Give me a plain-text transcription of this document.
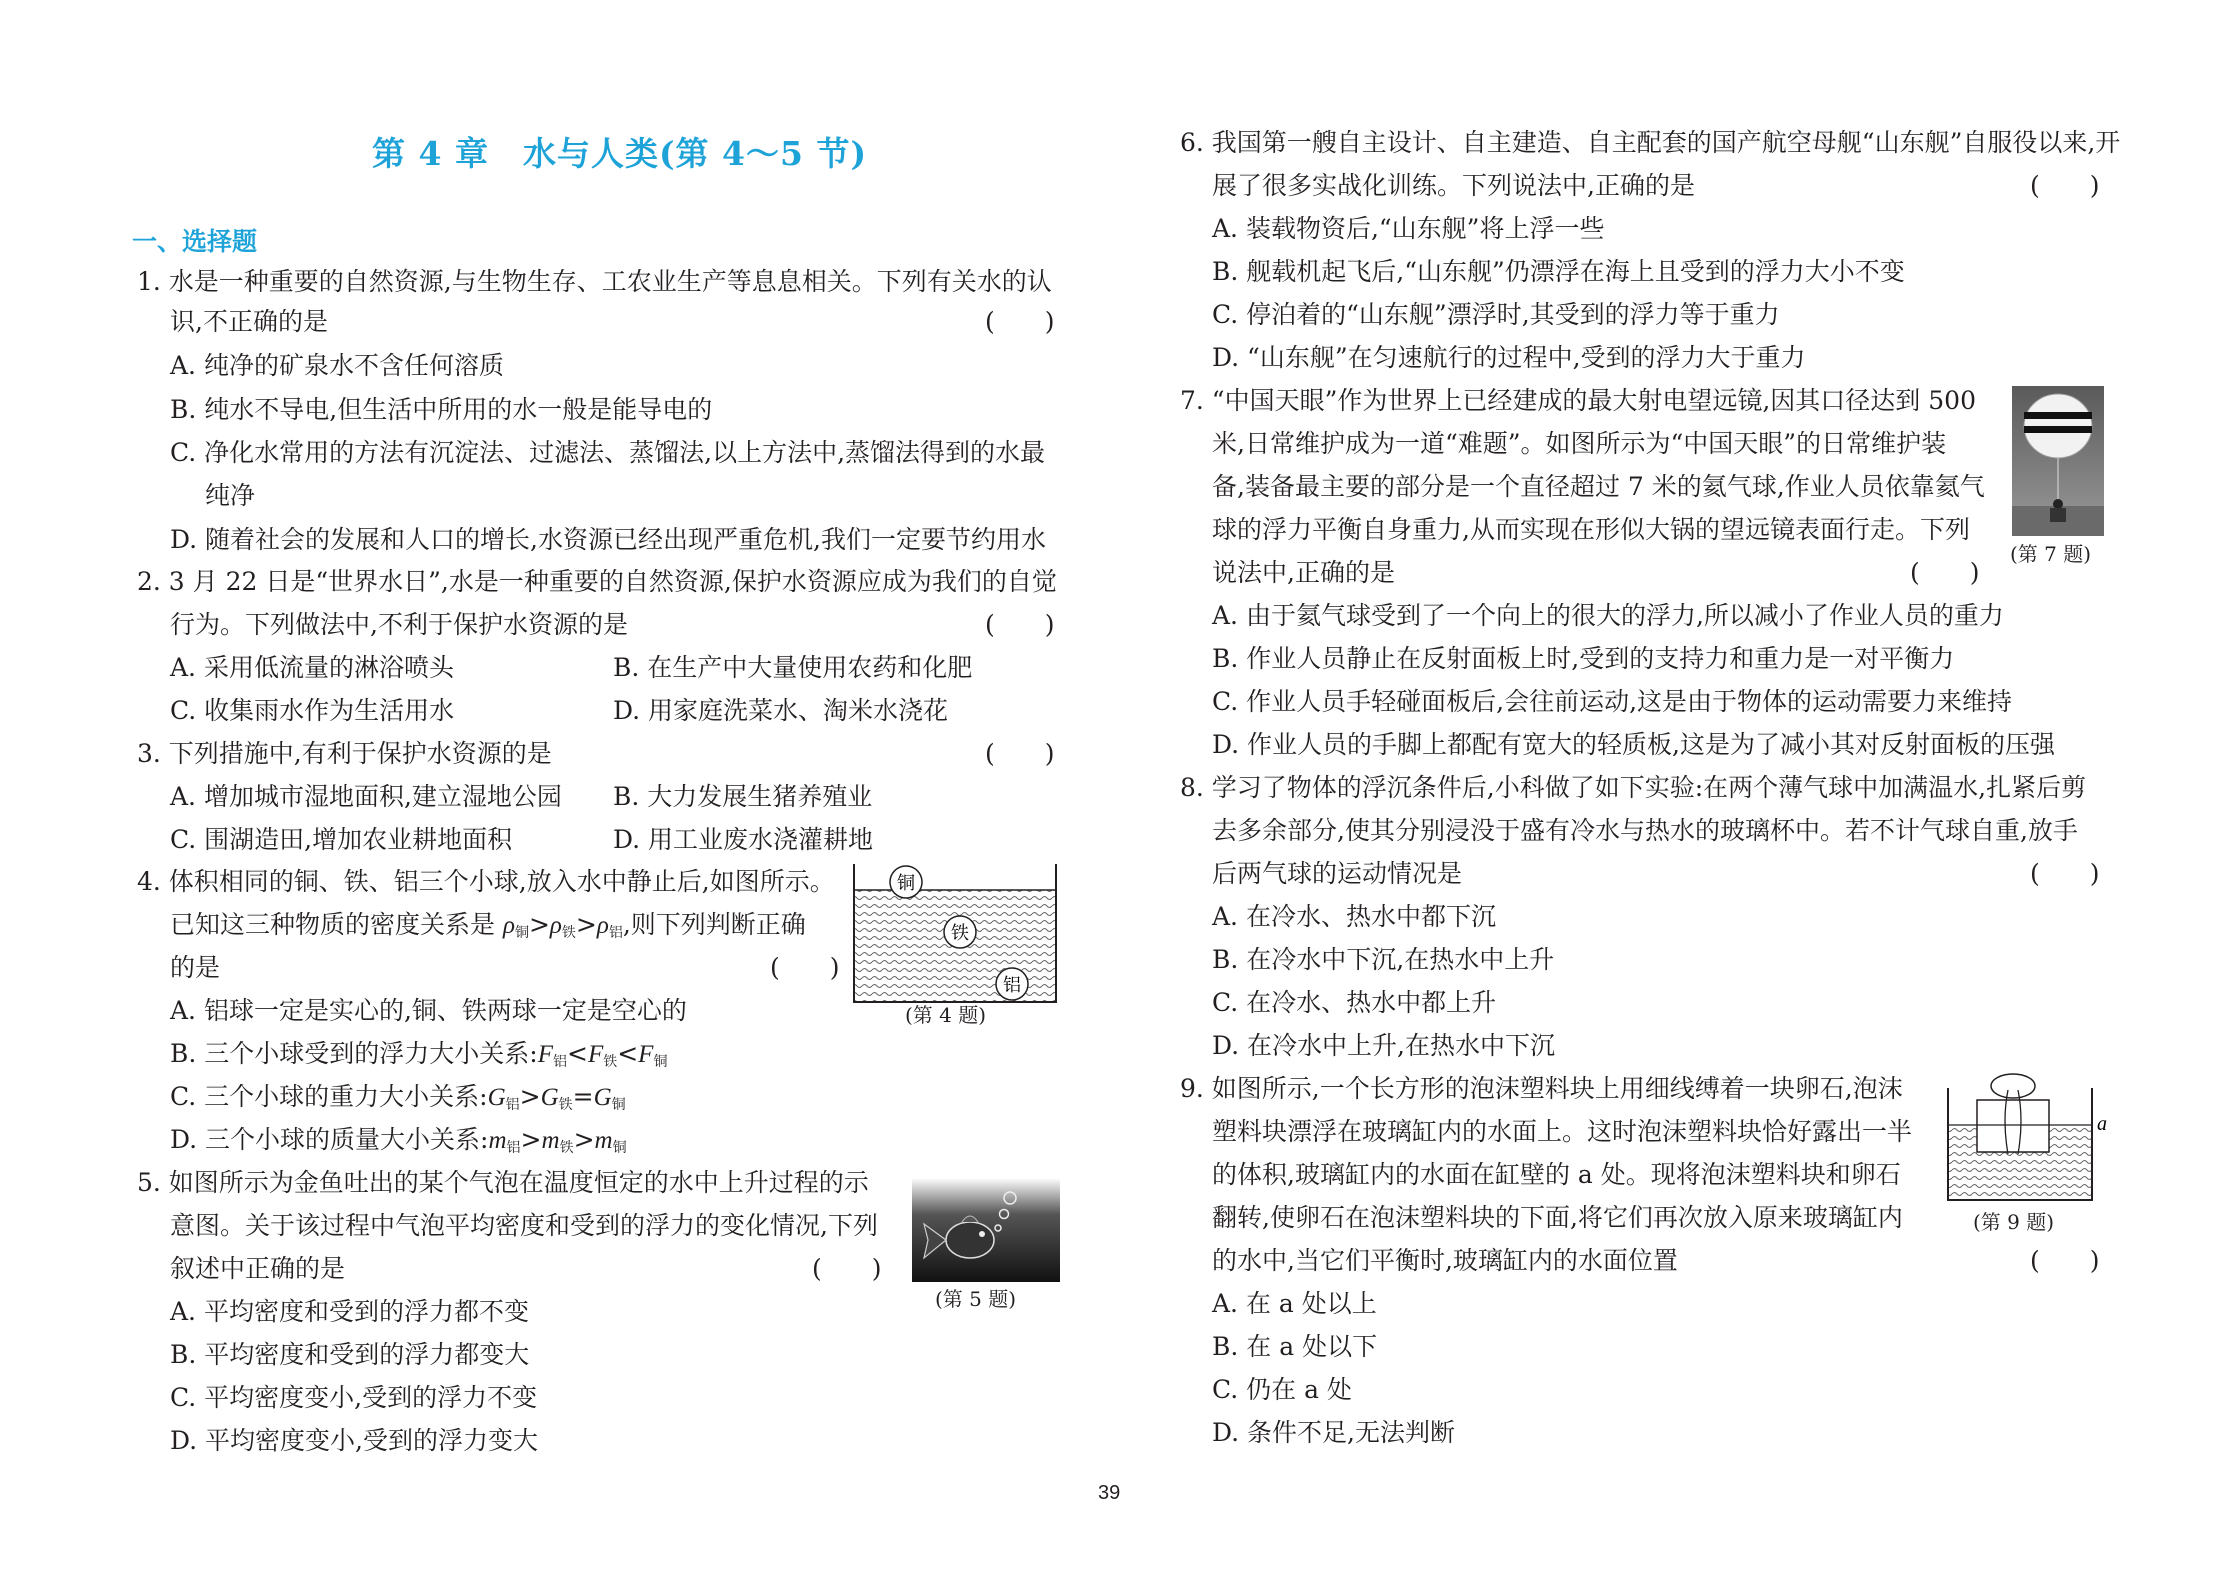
第 4 章　水与人类(第 4～5 节)
一、选择题
1. 水是一种重要的自然资源,与生物生存、工农业生产等息息相关。下列有关水的认
识,不正确的是	(　　)
A. 纯净的矿泉水不含任何溶质
B. 纯水不导电,但生活中所用的水一般是能导电的
C. 净化水常用的方法有沉淀法、过滤法、蒸馏法,以上方法中,蒸馏法得到的水最
纯净
D. 随着社会的发展和人口的增长,水资源已经出现严重危机,我们一定要节约用水
2. 3 月 22 日是“世界水日”,水是一种重要的自然资源,保护水资源应成为我们的自觉
行为。下列做法中,不利于保护水资源的是	(　　)
A. 采用低流量的淋浴喷头	B. 在生产中大量使用农药和化肥
C. 收集雨水作为生活用水	D. 用家庭洗菜水、淘米水浇花
3. 下列措施中,有利于保护水资源的是	(　　)
A. 增加城市湿地面积,建立湿地公园 B. 大力发展生猪养殖业
C. 围湖造田,增加农业耕地面积	D. 用工业废水浇灌耕地
4. 体积相同的铜、铁、铝三个小球,放入水中静止后,如图所示。
已知这三种物质的密度关系是 $\rho_铜>\rho_铁>\rho_铝$,则下列判断正确
的是	(　　)
A. 铝球一定是实心的,铜、铁两球一定是空心的
B. 三个小球受到的浮力大小关系$:F_铝<F_铁<F_铜$
C. 三个小球的重力大小关系$:G_铝>G_铁=G_铜$
D. 三个小球的质量大小关系$:m_铝>m_铁>m_铜$
铜
铁
铝
(第 4 题)
5. 如图所示为金鱼吐出的某个气泡在温度恒定的水中上升过程的示
意图。关于该过程中气泡平均密度和受到的浮力的变化情况,下列
叙述中正确的是	(　　)
A. 平均密度和受到的浮力都不变
B. 平均密度和受到的浮力都变大
C. 平均密度变小,受到的浮力不变
D. 平均密度变小,受到的浮力变大
(第 5 题)
6. 我国第一艘自主设计、自主建造、自主配套的国产航空母舰“山东舰”自服役以来,开
展了很多实战化训练。下列说法中,正确的是	(　　)
A. 装载物资后,“山东舰”将上浮一些
B. 舰载机起飞后,“山东舰”仍漂浮在海上且受到的浮力大小不变
C. 停泊着的“山东舰”漂浮时,其受到的浮力等于重力
D. “山东舰”在匀速航行的过程中,受到的浮力大于重力
7. “中国天眼”作为世界上已经建成的最大射电望远镜,因其口径达到 500
米,日常维护成为一道“难题”。如图所示为“中国天眼”的日常维护装
备,装备最主要的部分是一个直径超过 7 米的氦气球,作业人员依靠氦气
球的浮力平衡自身重力,从而实现在形似大锅的望远镜表面行走。下列
说法中,正确的是	(　　)
A. 由于氦气球受到了一个向上的很大的浮力,所以减小了作业人员的重力
B. 作业人员静止在反射面板上时,受到的支持力和重力是一对平衡力
C. 作业人员手轻碰面板后,会往前运动,这是由于物体的运动需要力来维持
D. 作业人员的手脚上都配有宽大的轻质板,这是为了减小其对反射面板的压强
(第 7 题)
8. 学习了物体的浮沉条件后,小科做了如下实验:在两个薄气球中加满温水,扎紧后剪
去多余部分,使其分别浸没于盛有冷水与热水的玻璃杯中。若不计气球自重,放手
后两气球的运动情况是	(　　)
A. 在冷水、热水中都下沉
B. 在冷水中下沉,在热水中上升
C. 在冷水、热水中都上升
D. 在冷水中上升,在热水中下沉
9. 如图所示,一个长方形的泡沫塑料块上用细线缚着一块卵石,泡沫
塑料块漂浮在玻璃缸内的水面上。这时泡沫塑料块恰好露出一半
的体积,玻璃缸内的水面在缸壁的 a 处。现将泡沫塑料块和卵石
翻转,使卵石在泡沫塑料块的下面,将它们再次放入原来玻璃缸内
的水中,当它们平衡时,玻璃缸内的水面位置	(　　)
A. 在 a 处以上
B. 在 a 处以下
C. 仍在 a 处
D. 条件不足,无法判断
a
(第 9 题)
39
